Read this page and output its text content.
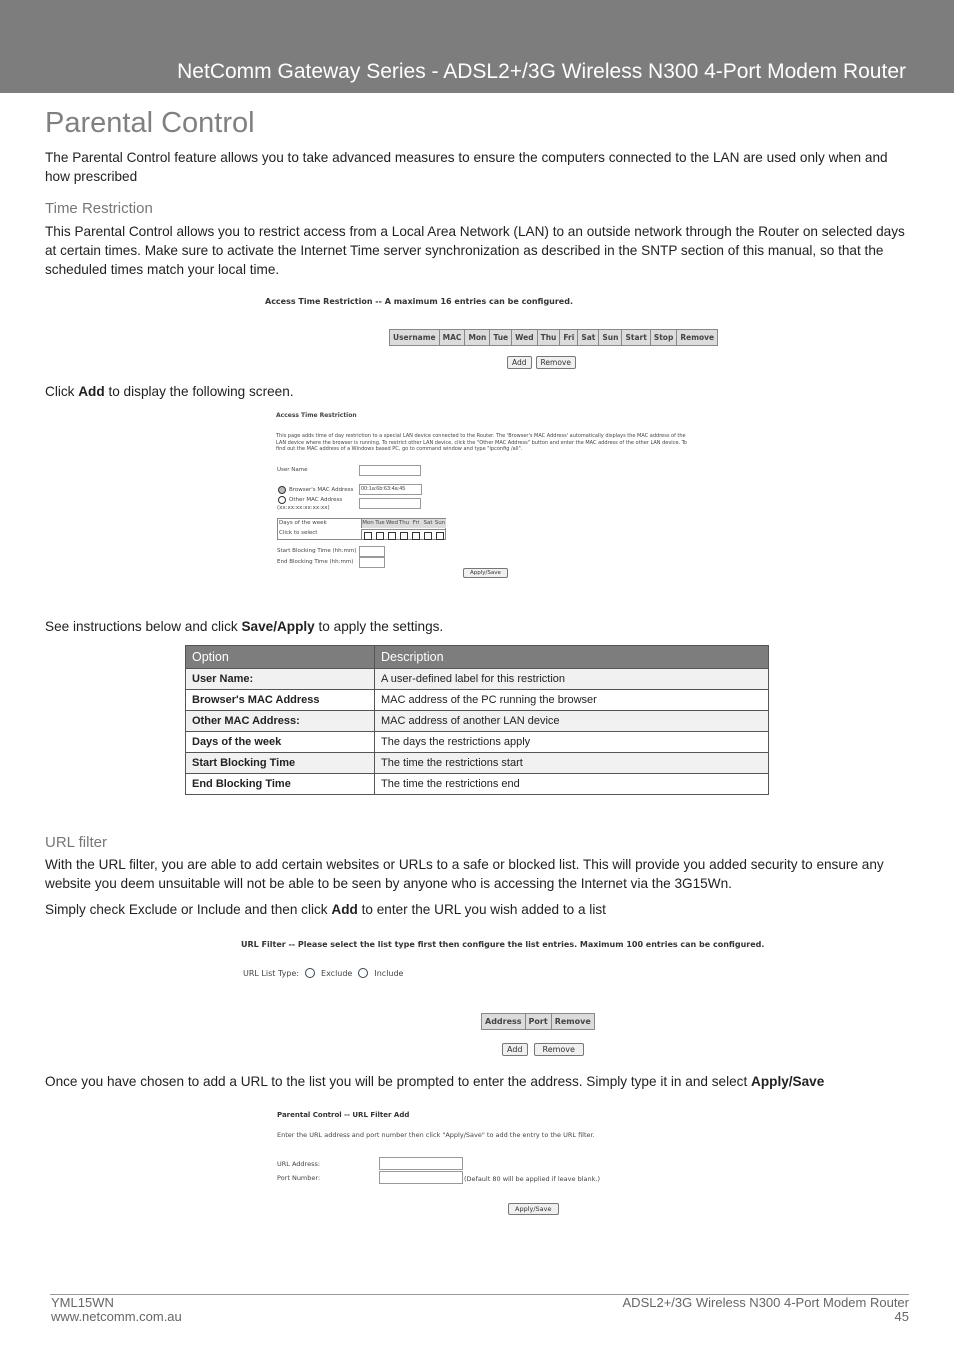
NetComm Gateway Series - ADSL2+/3G Wireless N300 4-Port Modem Router
Parental Control
The Parental Control feature allows you to take advanced measures to ensure the computers connected to the LAN are used only when and how prescribed
Time Restriction
This Parental Control allows you to restrict access from a Local Area Network (LAN) to an outside network through the Router on selected days at certain times. Make sure to activate the Internet Time server synchronization as described in the SNTP section of this manual, so that the scheduled times match your local time.
Access Time Restriction -- A maximum 16 entries can be configured.
Username	MAC	Mon	Tue	Wed	Thu	Fri	Sat	Sun	Start	Stop	Remove
Add	Remove
Click Add to display the following screen.
Access Time Restriction
This page adds time of day restriction to a special LAN device connected to the Router. The 'Browser's MAC Address' automatically displays the MAC address of the LAN device where the browser is running. To restrict other LAN device, click the "Other MAC Address" button and enter the MAC address of the other LAN device. To find out the MAC address of a Windows based PC, go to command window and type "ipconfig /all".
User Name
Browser's MAC Address	00:1a:6b:63:4a:45
Other MAC Address
(xx:xx:xx:xx:xx:xx)
Days of the week
Click to select
Mon Tue Wed Thu Fri Sat Sun
Start Blocking Time (hh:mm)
End Blocking Time (hh:mm)
Apply/Save
See instructions below and click Save/Apply to apply the settings.
Option	Description
User Name:	A user-defined label for this restriction
Browser's MAC Address	MAC address of the PC running the browser
Other MAC Address:	MAC address of another LAN device
Days of the week	The days the restrictions apply
Start Blocking Time	The time the restrictions start
End Blocking Time	The time the restrictions end
URL filter
With the URL filter, you are able to add certain websites or URLs to a safe or blocked list. This will provide you added security to ensure any website you deem unsuitable will not be able to be seen by anyone who is accessing the Internet via the 3G15Wn.
Simply check Exclude or Include and then click Add to enter the URL you wish added to a list
URL Filter -- Please select the list type first then configure the list entries. Maximum 100 entries can be configured.
URL List Type:	Exclude	Include
Address	Port	Remove
Add	Remove
Once you have chosen to add a URL to the list you will be prompted to enter the address. Simply type it in and select Apply/Save
Parental Control -- URL Filter Add
Enter the URL address and port number then click "Apply/Save" to add the entry to the URL filter.
URL Address:
Port Number:	(Default 80 will be applied if leave blank.)
Apply/Save
YML15WN
www.netcomm.com.au
ADSL2+/3G Wireless N300 4-Port Modem Router
45
